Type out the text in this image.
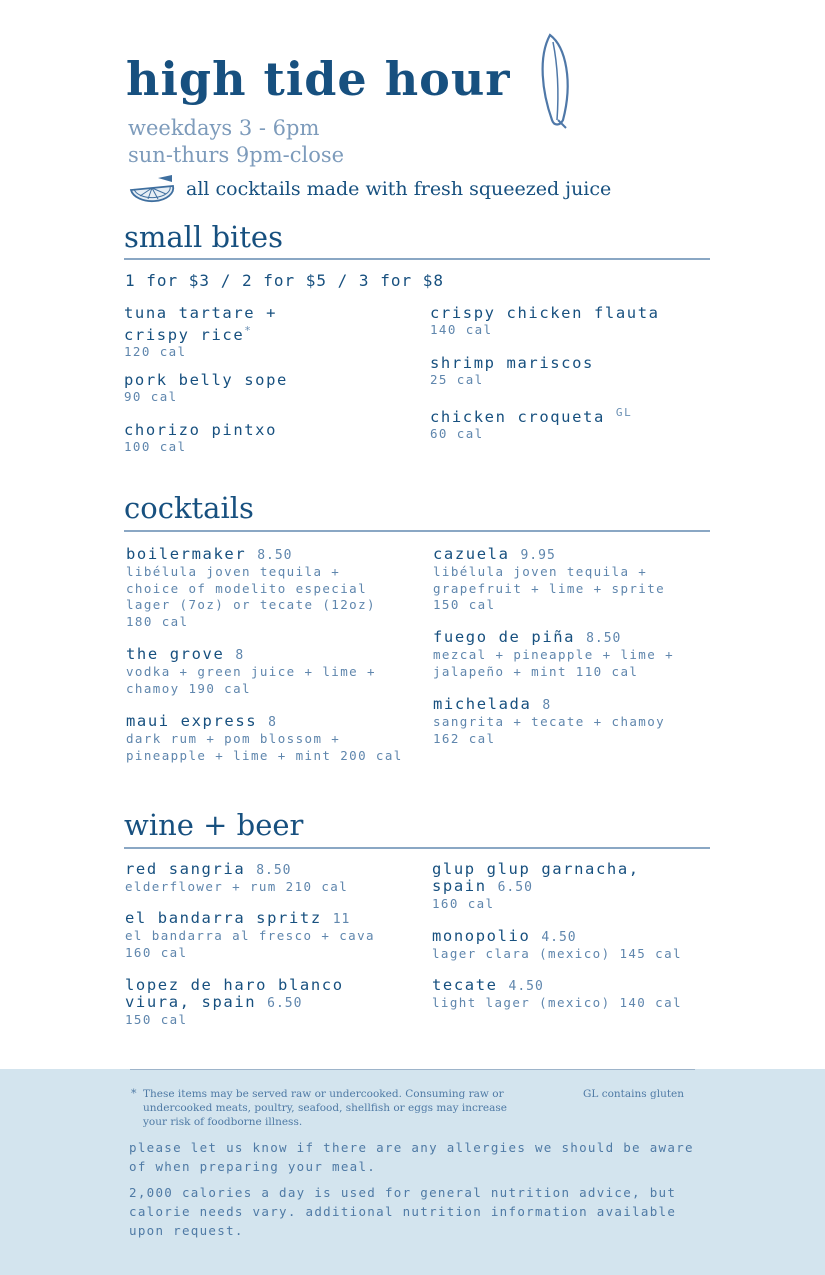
high tide hour
weekdays 3 - 6pm
sun-thurs 9pm-close
all cocktails made with fresh squeezed juice
small bites
1 for $3 / 2 for $5 / 3 for $8
tuna tartare +
crispy rice*
120 cal
pork belly sope
90 cal
chorizo pintxo
100 cal
crispy chicken flauta
140 cal
shrimp mariscos
25 cal
chicken croqueta $^{GL}$
60 cal
cocktails
boilermaker 8.50
libélula joven tequila +
choice of modelito especial
lager (7oz) or tecate (12oz)
180 cal
the grove 8
vodka + green juice + lime +
chamoy 190 cal
maui express 8
dark rum + pom blossom +
pineapple + lime + mint 200 cal
cazuela 9.95
libélula joven tequila +
grapefruit + lime + sprite
150 cal
fuego de piña 8.50
mezcal + pineapple + lime +
jalapeño + mint 110 cal
michelada 8
sangrita + tecate + chamoy
162 cal
wine + beer
red sangria 8.50
elderflower + rum 210 cal
el bandarra spritz 11
el bandarra al fresco + cava
160 cal
lopez de haro blanco
viura, spain 6.50
150 cal
glup glup garnacha,
spain 6.50
160 cal
monopolio 4.50
lager clara (mexico) 145 cal
tecate 4.50
light lager (mexico) 140 cal
* These items may be served raw or undercooked. Consuming raw or
undercooked meats, poultry, seafood, shellfish or eggs may increase
your risk of foodborne illness.
GL contains gluten
please let us know if there are any allergies we should be aware
of when preparing your meal.
2,000 calories a day is used for general nutrition advice, but
calorie needs vary. additional nutrition information available
upon request.
